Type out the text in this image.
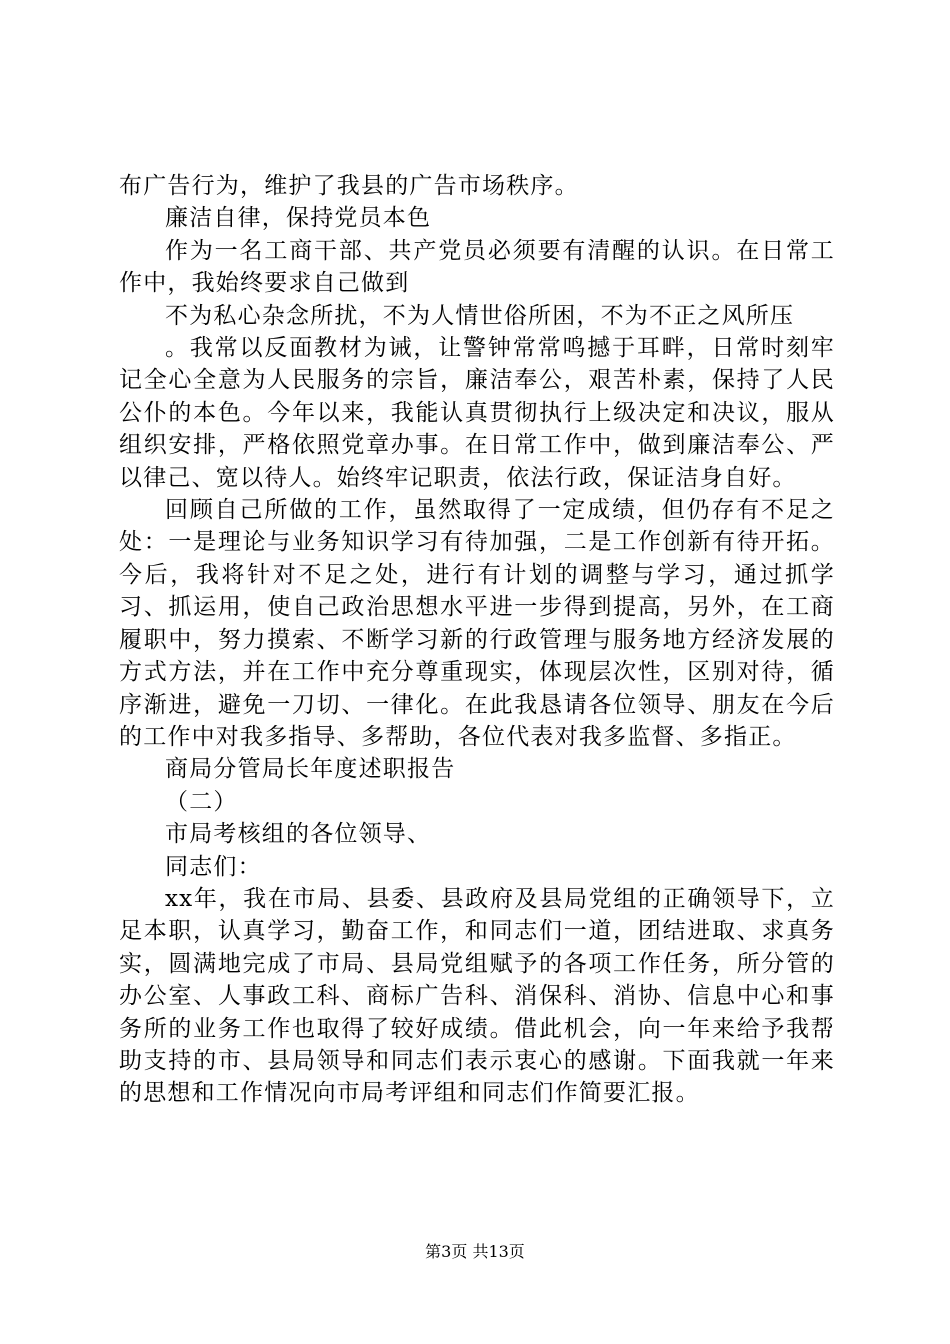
布广告行为，维护了我县的广告市场秩序。

廉洁自律，保持党员本色

作为一名工商干部、共产党员必须要有清醒的认识。在日常工作中，我始终要求自己做到

不为私心杂念所扰，不为人情世俗所困，不为不正之风所压

。我常以反面教材为诫，让警钟常常鸣撼于耳畔，日常时刻牢记全心全意为人民服务的宗旨，廉洁奉公，艰苦朴素，保持了人民公仆的本色。今年以来，我能认真贯彻执行上级决定和决议，服从组织安排，严格依照党章办事。在日常工作中，做到廉洁奉公、严以律己、宽以待人。始终牢记职责，依法行政，保证洁身自好。

回顾自己所做的工作，虽然取得了一定成绩，但仍存有不足之处：一是理论与业务知识学习有待加强，二是工作创新有待开拓。今后，我将针对不足之处，进行有计划的调整与学习，通过抓学习、抓运用，使自己政治思想水平进一步得到提高，另外，在工商履职中，努力摸索、不断学习新的行政管理与服务地方经济发展的方式方法，并在工作中充分尊重现实，体现层次性，区别对待，循序渐进，避免一刀切、一律化。在此我恳请各位领导、朋友在今后的工作中对我多指导、多帮助，各位代表对我多监督、多指正。

商局分管局长年度述职报告

（二）

市局考核组的各位领导、

同志们：

xx年，我在市局、县委、县政府及县局党组的正确领导下，立足本职，认真学习，勤奋工作，和同志们一道，团结进取、求真务实，圆满地完成了市局、县局党组赋予的各项工作任务，所分管的办公室、人事政工科、商标广告科、消保科、消协、信息中心和事务所的业务工作也取得了较好成绩。借此机会，向一年来给予我帮助支持的市、县局领导和同志们表示衷心的感谢。下面我就一年来的思想和工作情况向市局考评组和同志们作简要汇报。

第3页 共13页
